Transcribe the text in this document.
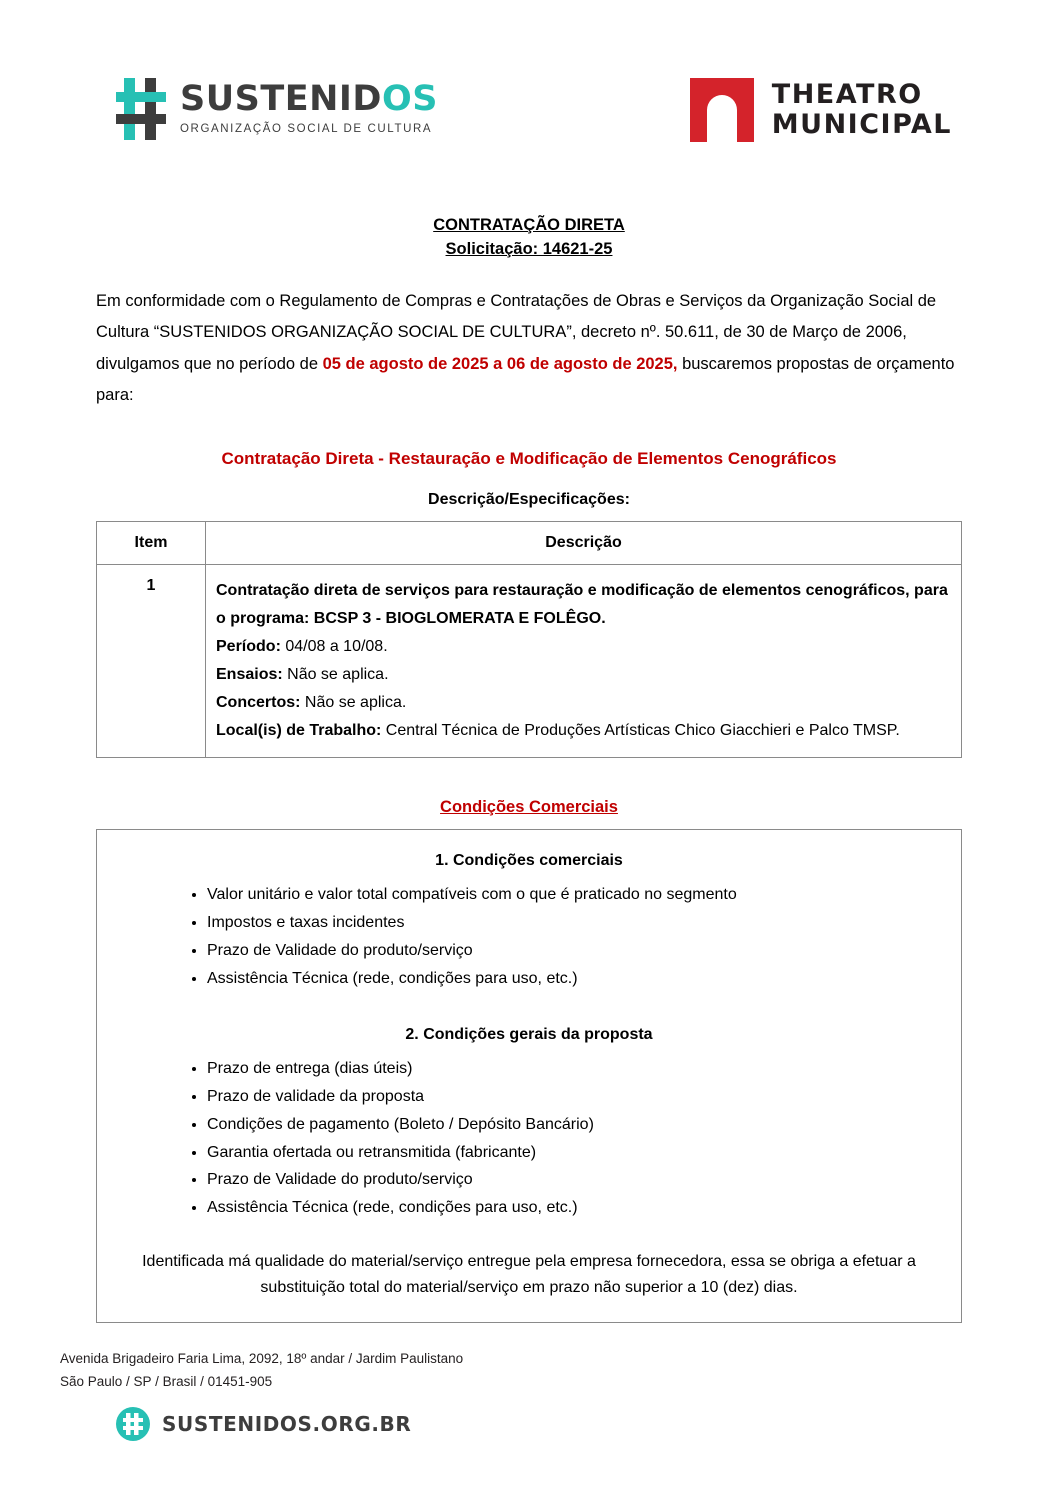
SUSTENIDOS
ORGANIZAÇÃO SOCIAL DE CULTURA
THEATRO
MUNICIPAL
CONTRATAÇÃO DIRETA
Solicitação: 14621-25

Em conformidade com o Regulamento de Compras e Contratações de Obras e Serviços da Organização Social de Cultura “SUSTENIDOS ORGANIZAÇÃO SOCIAL DE CULTURA”, decreto nº. 50.611, de 30 de Março de 2006, divulgamos que no período de 05 de agosto de 2025 a 06 de agosto de 2025, buscaremos propostas de orçamento para:

Contratação Direta - Restauração e Modificação de Elementos Cenográficos
Descrição/Especificações:
Item	Descrição
1	Contratação direta de serviços para restauração e modificação de elementos cenográficos, para o programa: BCSP 3 - BIOGLOMERATA E FOLÊGO.
Período: 04/08 a 10/08.
Ensaios: Não se aplica.
Concertos: Não se aplica.
Local(is) de Trabalho: Central Técnica de Produções Artísticas Chico Giacchieri e Palco TMSP.
Condições Comerciais
1. Condições comerciais
• Valor unitário e valor total compatíveis com o que é praticado no segmento
• Impostos e taxas incidentes
• Prazo de Validade do produto/serviço
• Assistência Técnica (rede, condições para uso, etc.)
2. Condições gerais da proposta
• Prazo de entrega (dias úteis)
• Prazo de validade da proposta
• Condições de pagamento (Boleto / Depósito Bancário)
• Garantia ofertada ou retransmitida (fabricante)
• Prazo de Validade do produto/serviço
• Assistência Técnica (rede, condições para uso, etc.)
Identificada má qualidade do material/serviço entregue pela empresa fornecedora, essa se obriga a efetuar a substituição total do material/serviço em prazo não superior a 10 (dez) dias.
Avenida Brigadeiro Faria Lima, 2092, 18º andar / Jardim Paulistano
São Paulo / SP / Brasil / 01451-905
SUSTENIDOS.ORG.BR
